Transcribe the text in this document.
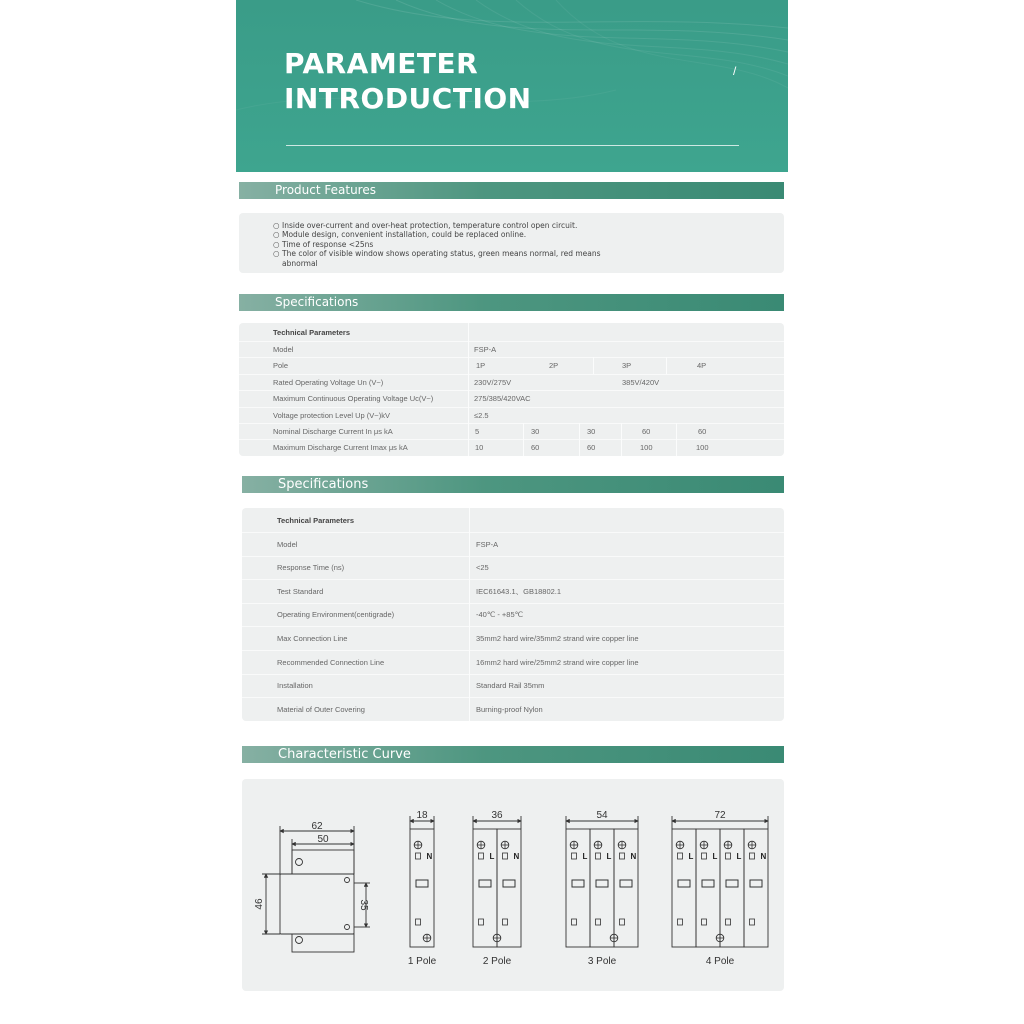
PARAMETER
INTRODUCTION
/
Product Features
○ Inside over-current and over-heat protection, temperature control open circuit.
○ Module design, convenient installation, could be replaced online.
○ Time of response <25ns
○ The color of visible window shows operating status, green means normal, red means abnormal
Specifications
Technical Parameters
Model	FSP-A
Pole	1P	2P	3P	4P
Rated Operating Voltage Un (V~)	230V/275V	385V/420V
Maximum Continuous Operating Voltage Uc(V~)	275/385/420VAC
Voltage protection Level Up (V~)kV	≤2.5
Nominal Discharge Current In μs kA	5	30	30	60	60
Maximum Discharge Current Imax μs kA	10	60	60	100	100
Specifications
Technical Parameters
Model	FSP-A
Response Time (ns)	<25
Test Standard	IEC61643.1、GB18802.1
Operating Environment(centigrade)	-40℃ - +85℃
Max Connection Line	35mm2 hard wire/35mm2 strand wire copper line
Recommended Connection Line	16mm2 hard wire/25mm2 strand wire copper line
Installation	Standard Rail 35mm
Material of Outer Covering	Burning-proof Nylon
Characteristic Curve
62
50
46	35
18
N
1 Pole
36
L N
2 Pole
54
L L N
3 Pole
72
L L L N
4 Pole
